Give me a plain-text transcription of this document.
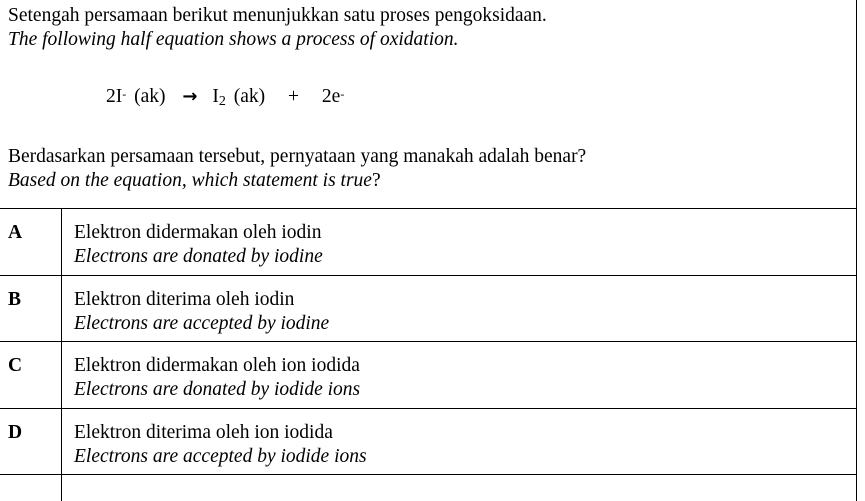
Setengah persamaan berikut menunjukkan satu proses pengoksidaan.
The following half equation shows a process of oxidation.
2I- (ak) → I2 (ak) + 2e-
Berdasarkan persamaan tersebut, pernyataan yang manakah adalah benar?
Based on the equation, which statement is true?
A	Elektron didermakan oleh iodin
Electrons are donated by iodine
B	Elektron diterima oleh iodin
Electrons are accepted by iodine
C	Elektron didermakan oleh ion iodida
Electrons are donated by iodide ions
D	Elektron diterima oleh ion iodida
Electrons are accepted by iodide ions
